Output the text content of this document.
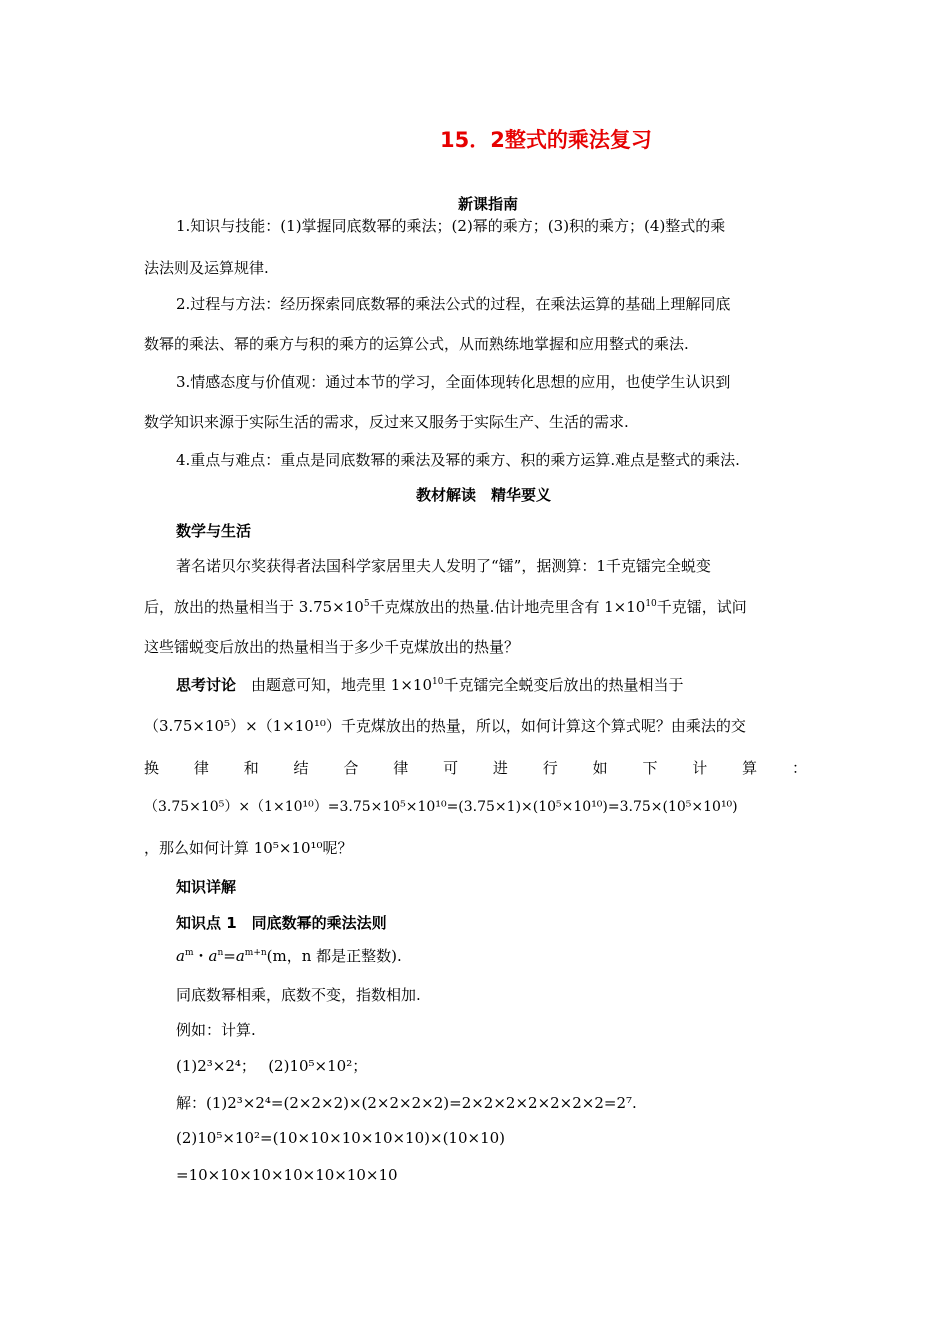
15．2整式的乘法复习
新课指南
1.知识与技能：(1)掌握同底数幂的乘法；(2)幂的乘方；(3)积的乘方；(4)整式的乘
法法则及运算规律.
2.过程与方法：经历探索同底数幂的乘法公式的过程，在乘法运算的基础上理解同底
数幂的乘法、幂的乘方与积的乘方的运算公式，从而熟练地掌握和应用整式的乘法.
3.情感态度与价值观：通过本节的学习，全面体现转化思想的应用，也使学生认识到
数学知识来源于实际生活的需求，反过来又服务于实际生产、生活的需求.
4.重点与难点：重点是同底数幂的乘法及幂的乘方、积的乘方运算.难点是整式的乘法.
教材解读　精华要义
数学与生活
著名诺贝尔奖获得者法国科学家居里夫人发明了“镭”，据测算：1千克镭完全蜕变
后，放出的热量相当于 $3.75\times 10^5$千克煤放出的热量.估计地壳里含有 $1\times 10^{10}$千克镭，试问
这些镭蜕变后放出的热量相当于多少千克煤放出的热量？
思考讨论　由题意可知，地壳里 $1\times 10^{10}$千克镭完全蜕变后放出的热量相当于
（3.75×10⁵）×（1×10¹⁰）千克煤放出的热量，所以，如何计算这个算式呢？由乘法的交
换 律 和 结 合 律 可 进 行 如 下 计 算 ：
（3.75×10⁵）×（1×10¹⁰）=3.75×10⁵×10¹⁰=(3.75×1)×(10⁵×10¹⁰)=3.75×(10⁵×10¹⁰)
，那么如何计算 10⁵×10¹⁰呢？
知识详解
知识点 1　同底数幂的乘法法则
$a^m$・$a^n=a^{m+n}(m$，n 都是正整数).
同底数幂相乘，底数不变，指数相加.
例如：计算.
(1)2³×2⁴；　 (2)10⁵×10²；
解：(1)2³×2⁴=(2×2×2)×(2×2×2×2)=2×2×2×2×2×2×2=2⁷.
(2)10⁵×10²=(10×10×10×10×10)×(10×10)
=10×10×10×10×10×10×10
